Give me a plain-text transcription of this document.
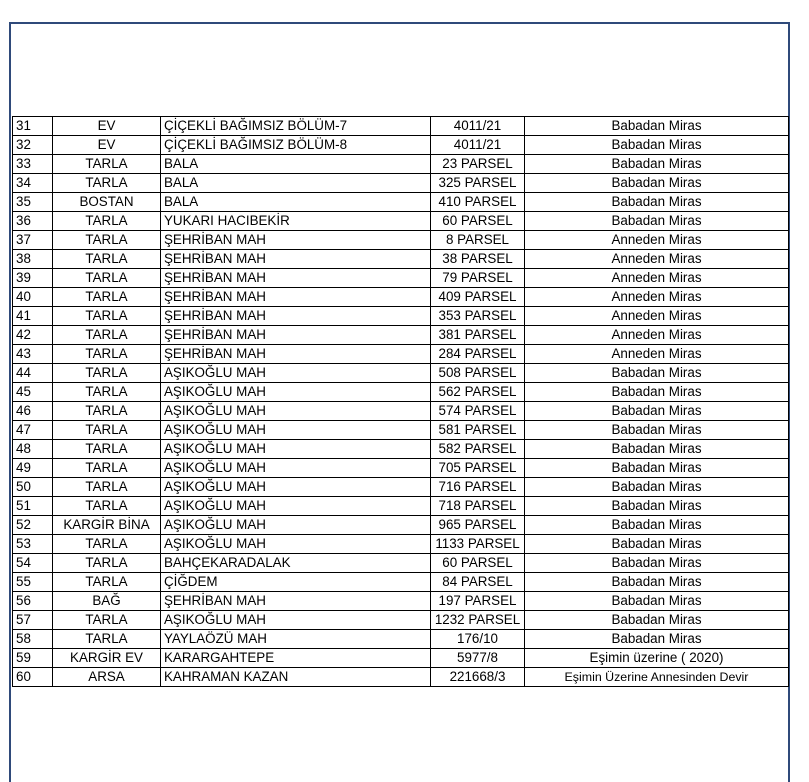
31	EV	ÇİÇEKLİ BAĞIMSIZ BÖLÜM-7	4011/21	Babadan Miras
32	EV	ÇİÇEKLİ BAĞIMSIZ BÖLÜM-8	4011/21	Babadan Miras
33	TARLA	BALA	23 PARSEL	Babadan Miras
34	TARLA	BALA	325 PARSEL	Babadan Miras
35	BOSTAN	BALA	410 PARSEL	Babadan Miras
36	TARLA	YUKARI HACIBEKİR	60 PARSEL	Babadan Miras
37	TARLA	ŞEHRİBAN MAH	8 PARSEL	Anneden Miras
38	TARLA	ŞEHRİBAN MAH	38 PARSEL	Anneden Miras
39	TARLA	ŞEHRİBAN MAH	79 PARSEL	Anneden Miras
40	TARLA	ŞEHRİBAN MAH	409 PARSEL	Anneden Miras
41	TARLA	ŞEHRİBAN MAH	353 PARSEL	Anneden Miras
42	TARLA	ŞEHRİBAN MAH	381 PARSEL	Anneden Miras
43	TARLA	ŞEHRİBAN MAH	284 PARSEL	Anneden Miras
44	TARLA	AŞIKOĞLU MAH	508 PARSEL	Babadan Miras
45	TARLA	AŞIKOĞLU MAH	562 PARSEL	Babadan Miras
46	TARLA	AŞIKOĞLU MAH	574 PARSEL	Babadan Miras
47	TARLA	AŞIKOĞLU MAH	581 PARSEL	Babadan Miras
48	TARLA	AŞIKOĞLU MAH	582 PARSEL	Babadan Miras
49	TARLA	AŞIKOĞLU MAH	705 PARSEL	Babadan Miras
50	TARLA	AŞIKOĞLU MAH	716 PARSEL	Babadan Miras
51	TARLA	AŞIKOĞLU MAH	718 PARSEL	Babadan Miras
52	KARGİR BİNA	AŞIKOĞLU MAH	965 PARSEL	Babadan Miras
53	TARLA	AŞIKOĞLU MAH	1133 PARSEL	Babadan Miras
54	TARLA	BAHÇEKARADALAK	60 PARSEL	Babadan Miras
55	TARLA	ÇİĞDEM	84 PARSEL	Babadan Miras
56	BAĞ	ŞEHRİBAN MAH	197 PARSEL	Babadan Miras
57	TARLA	AŞIKOĞLU MAH	1232 PARSEL	Babadan Miras
58	TARLA	YAYLAÖZÜ MAH	176/10	Babadan Miras
59	KARGİR EV	KARARGAHTEPE	5977/8	Eşimin üzerine ( 2020)
60	ARSA	KAHRAMAN KAZAN	221668/3	Eşimin Üzerine Annesinden Devir
